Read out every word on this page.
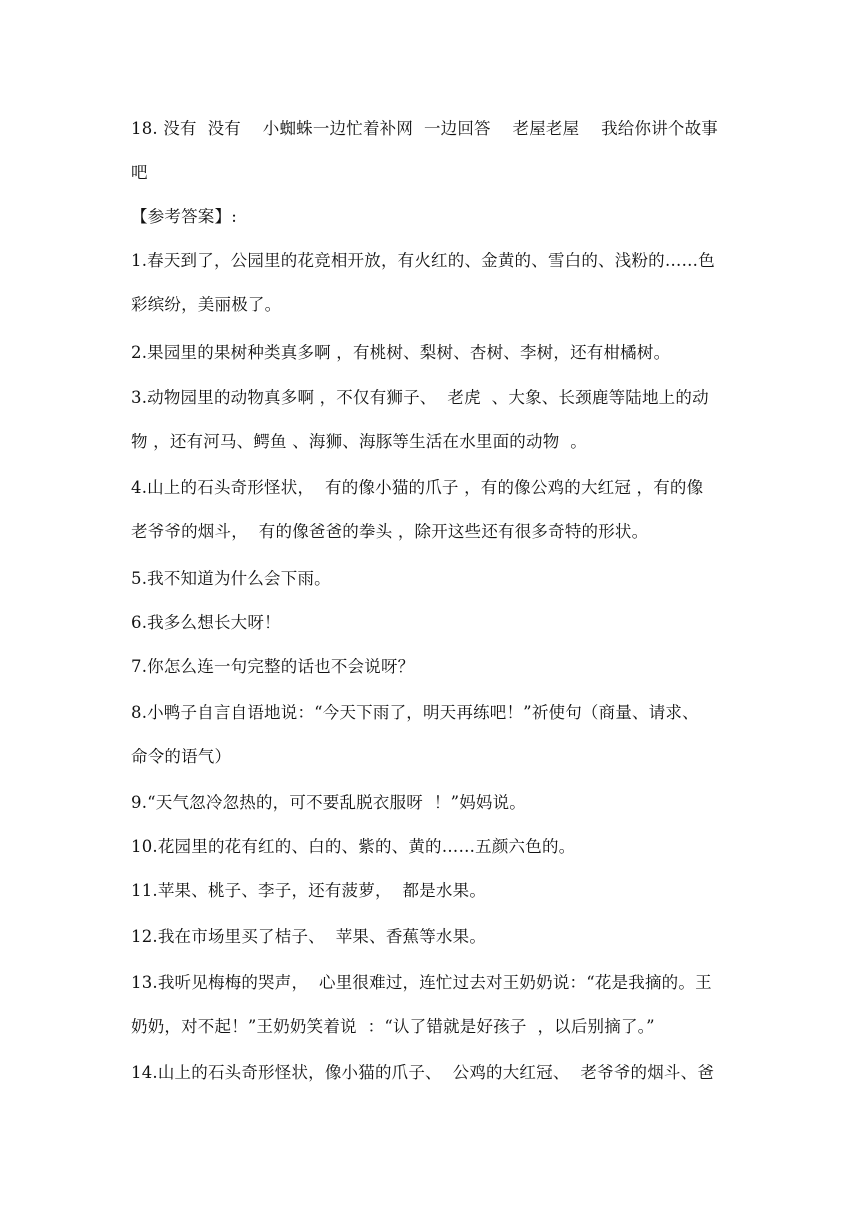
18. 没有  没有    小蜘蛛一边忙着补网  一边回答    老屋老屋    我给你讲个故事
吧
【参考答案】:
1.春天到了，公园里的花竞相开放，有火红的、金黄的、雪白的、浅粉的……色
彩缤纷，美丽极了。
2.果园里的果树种类真多啊 ，有桃树、梨树、杏树、李树，还有柑橘树。
3.动物园里的动物真多啊 ，不仅有狮子、  老虎  、大象、长颈鹿等陆地上的动
物 ，还有河马、鳄鱼 、海狮、海豚等生活在水里面的动物  。
4.山上的石头奇形怪状，  有的像小猫的爪子 ，有的像公鸡的大红冠 ，有的像
老爷爷的烟斗，  有的像爸爸的拳头 ，除开这些还有很多奇特的形状。
5.我不知道为什么会下雨。
6.我多么想长大呀！
7.你怎么连一句完整的话也不会说呀？
8.小鸭子自言自语地说：“今天下雨了，明天再练吧！”祈使句（商量、请求、
命令的语气）
9.“天气忽冷忽热的，可不要乱脱衣服呀  ！”妈妈说。
10.花园里的花有红的、白的、紫的、黄的……五颜六色的。
11.苹果、桃子、李子，还有菠萝，  都是水果。
12.我在市场里买了桔子、  苹果、香蕉等水果。
13.我听见梅梅的哭声，  心里很难过，连忙过去对王奶奶说：“花是我摘的。王
奶奶，对不起！”王奶奶笑着说  ：“认了错就是好孩子  ，以后别摘了。”
14.山上的石头奇形怪状，像小猫的爪子、  公鸡的大红冠、  老爷爷的烟斗、爸
